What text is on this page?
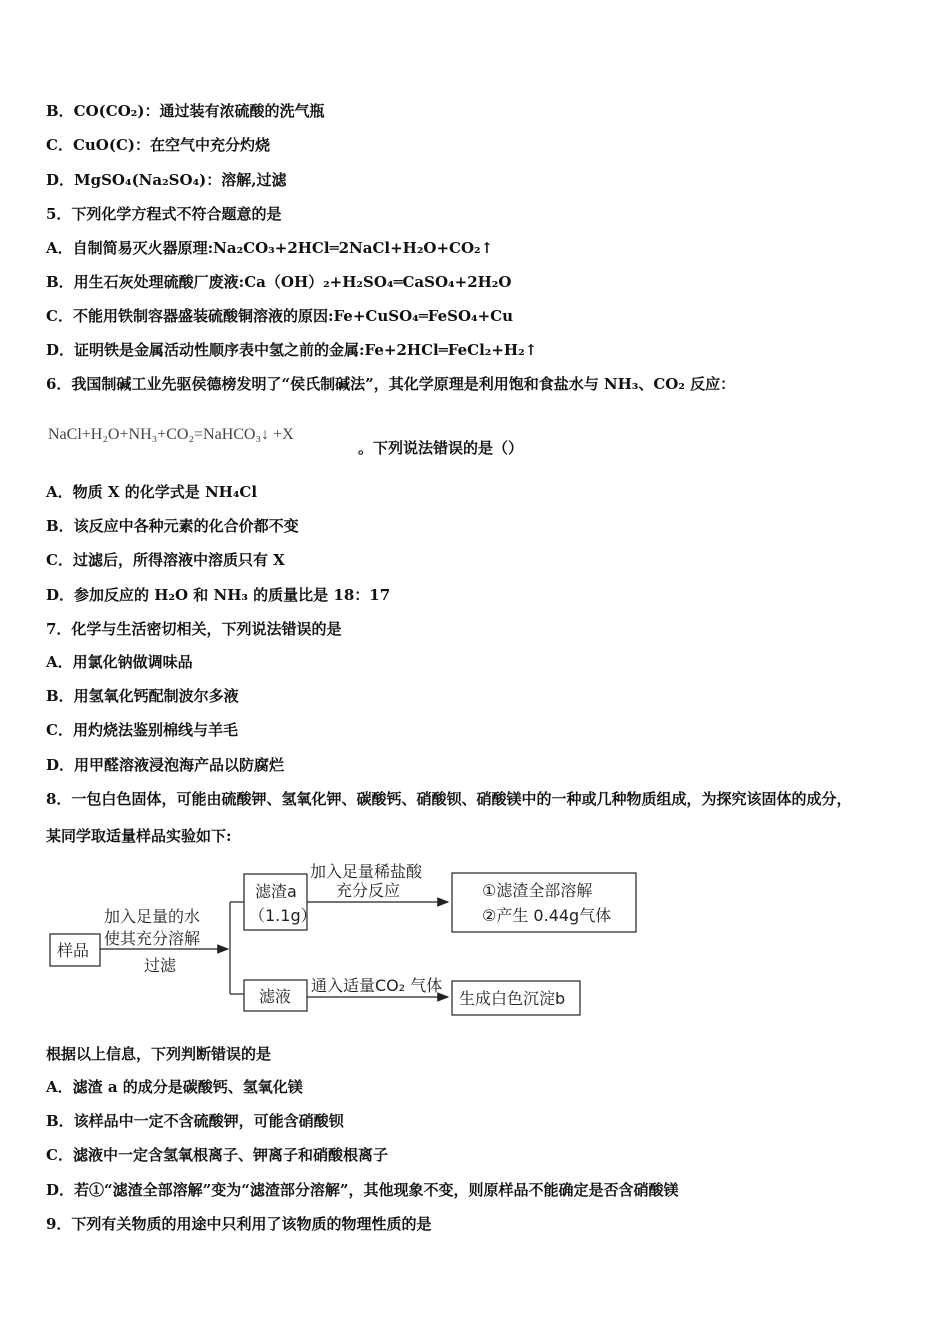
B．CO(CO₂)：通过装有浓硫酸的洗气瓶
C．CuO(C)：在空气中充分灼烧
D．MgSO₄(Na₂SO₄)：溶解,过滤
5．下列化学方程式不符合题意的是
A．自制简易灭火器原理:Na₂CO₃+2HCl═2NaCl+H₂O+CO₂↑
B．用生石灰处理硫酸厂废液:Ca（OH）₂+H₂SO₄═CaSO₄+2H₂O
C．不能用铁制容器盛装硫酸铜溶液的原因:Fe+CuSO₄═FeSO₄+Cu
D．证明铁是金属活动性顺序表中氢之前的金属:Fe+2HCl═FeCl₂+H₂↑
6．我国制碱工业先驱侯德榜发明了“侯氏制碱法”，其化学原理是利用饱和食盐水与 NH₃、CO₂ 反应：
NaCl+H₂O+NH₃+CO₂=NaHCO₃↓ +X
。下列说法错误的是（）
A．物质 X 的化学式是 NH₄Cl
B．该反应中各种元素的化合价都不变
C．过滤后，所得溶液中溶质只有 X
D．参加反应的 H₂O 和 NH₃ 的质量比是 18：17
7．化学与生活密切相关，下列说法错误的是
A．用氯化钠做调味品
B．用氢氧化钙配制波尔多液
C．用灼烧法鉴别棉线与羊毛
D．用甲醛溶液浸泡海产品以防腐烂
8．一包白色固体，可能由硫酸钾、氢氧化钾、碳酸钙、硝酸钡、硝酸镁中的一种或几种物质组成，为探究该固体的成分，
某同学取适量样品实验如下:
样品
加入足量的水
使其充分溶解
过滤
滤渣a
（1.1g）
加入足量稀盐酸
充分反应	①滤渣全部溶解
②产生 0.44g气体
滤液
通入适量CO₂ 气体
生成白色沉淀b
根据以上信息，下列判断错误的是
A．滤渣 a 的成分是碳酸钙、氢氧化镁
B．该样品中一定不含硫酸钾，可能含硝酸钡
C．滤液中一定含氢氧根离子、钾离子和硝酸根离子
D．若①“滤渣全部溶解”变为“滤渣部分溶解”，其他现象不变，则原样品不能确定是否含硝酸镁
9．下列有关物质的用途中只利用了该物质的物理性质的是
